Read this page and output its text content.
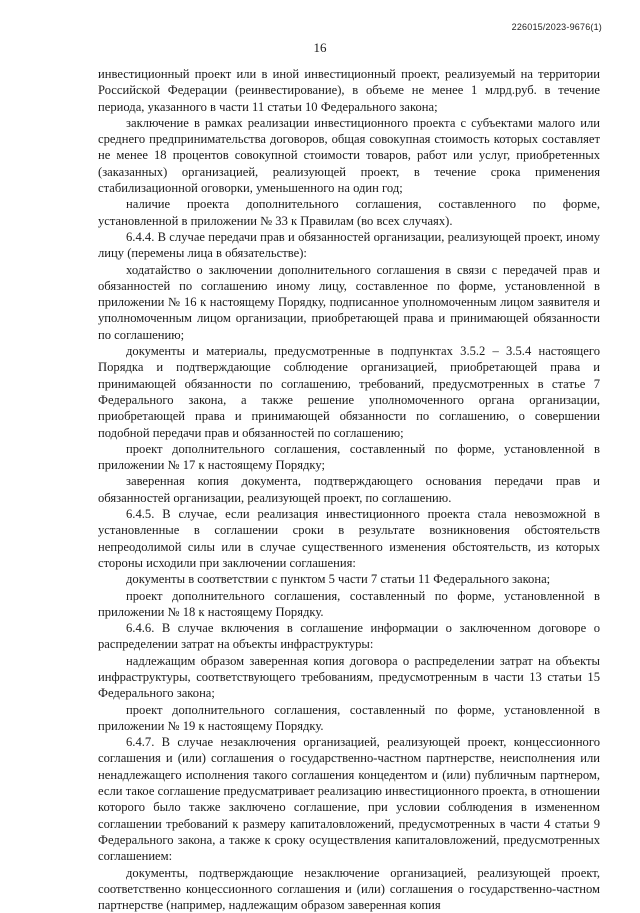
226015/2023-9676(1)
16

инвестиционный проект или в иной инвестиционный проект, реализуемый на территории Российской Федерации (реинвестирование), в объеме не менее 1 млрд.руб. в течение периода, указанного в части 11 статьи 10 Федерального закона;

заключение в рамках реализации инвестиционного проекта с субъектами малого или среднего предпринимательства договоров, общая совокупная стоимость которых составляет не менее 18 процентов совокупной стоимости товаров, работ или услуг, приобретенных (заказанных) организацией, реализующей проект, в течение срока применения стабилизационной оговорки, уменьшенного на один год;

наличие проекта дополнительного соглашения, составленного по форме, установленной в приложении № 33 к Правилам (во всех случаях).

6.4.4. В случае передачи прав и обязанностей организации, реализующей проект, иному лицу (перемены лица в обязательстве):

ходатайство о заключении дополнительного соглашения в связи с передачей прав и обязанностей по соглашению иному лицу, составленное по форме, установленной в приложении № 16 к настоящему Порядку, подписанное уполномоченным лицом заявителя и уполномоченным лицом организации, приобретающей права и принимающей обязанности по соглашению;

документы и материалы, предусмотренные в подпунктах 3.5.2 – 3.5.4 настоящего Порядка и подтверждающие соблюдение организацией, приобретающей права и принимающей обязанности по соглашению, требований, предусмотренных в статье 7 Федерального закона, а также решение уполномоченного органа организации, приобретающей права и принимающей обязанности по соглашению, о совершении подобной передачи прав и обязанностей по соглашению;

проект дополнительного соглашения, составленный по форме, установленной в приложении № 17 к настоящему Порядку;

заверенная копия документа, подтверждающего основания передачи прав и обязанностей организации, реализующей проект, по соглашению.

6.4.5. В случае, если реализация инвестиционного проекта стала невозможной в установленные в соглашении сроки в результате возникновения обстоятельств непреодолимой силы или в случае существенного изменения обстоятельств, из которых стороны исходили при заключении соглашения:

документы в соответствии с пунктом 5 части 7 статьи 11 Федерального закона;

проект дополнительного соглашения, составленный по форме, установленной в приложении № 18 к настоящему Порядку.

6.4.6. В случае включения в соглашение информации о заключенном договоре о распределении затрат на объекты инфраструктуры:

надлежащим образом заверенная копия договора о распределении затрат на объекты инфраструктуры, соответствующего требованиям, предусмотренным в части 13 статьи 15 Федерального закона;

проект дополнительного соглашения, составленный по форме, установленной в приложении № 19 к настоящему Порядку.

6.4.7. В случае незаключения организацией, реализующей проект, концессионного соглашения и (или) соглашения о государственно-частном партнерстве, неисполнения или ненадлежащего исполнения такого соглашения концедентом и (или) публичным партнером, если такое соглашение предусматривает реализацию инвестиционного проекта, в отношении которого было также заключено соглашение, при условии соблюдения в измененном соглашении требований к размеру капиталовложений, предусмотренных в части 4 статьи 9 Федерального закона, а также к сроку осуществления капиталовложений, предусмотренных соглашением:

документы, подтверждающие незаключение организацией, реализующей проект, соответственно концессионного соглашения и (или) соглашения о государственно-частном партнерстве (например, надлежащим образом заверенная копия
